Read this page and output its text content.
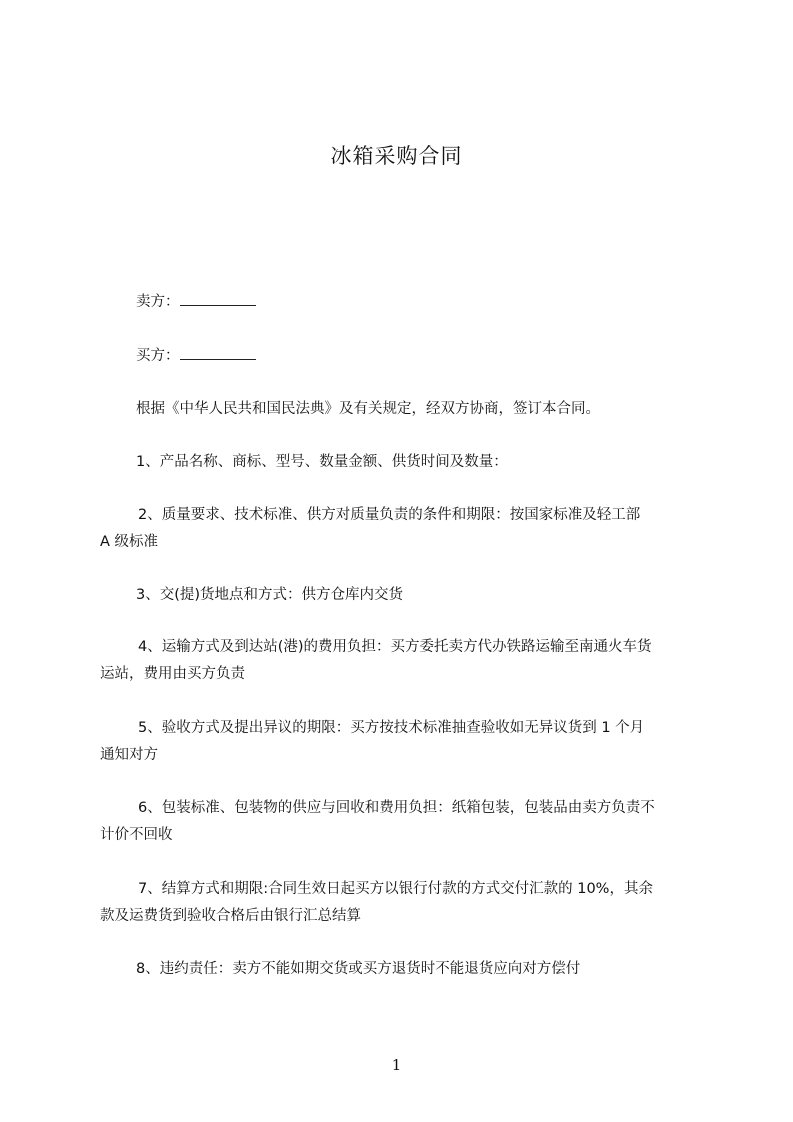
冰箱采购合同
卖方：
买方：
根据《中华人民共和国民法典》及有关规定，经双方协商，签订本合同。
1、产品名称、商标、型号、数量金额、供货时间及数量：
2、质量要求、技术标准、供方对质量负责的条件和期限：按国家标准及轻工部
A 级标准
3、交(提)货地点和方式：供方仓库内交货
4、运输方式及到达站(港)的费用负担：买方委托卖方代办铁路运输至南通火车货
运站，费用由买方负责
5、验收方式及提出异议的期限：买方按技术标准抽查验收如无异议货到 1 个月
通知对方
6、包装标准、包装物的供应与回收和费用负担：纸箱包装，包装品由卖方负责不
计价不回收
7、结算方式和期限:合同生效日起买方以银行付款的方式交付汇款的 10%，其余
款及运费货到验收合格后由银行汇总结算
8、违约责任：卖方不能如期交货或买方退货时不能退货应向对方偿付
1
